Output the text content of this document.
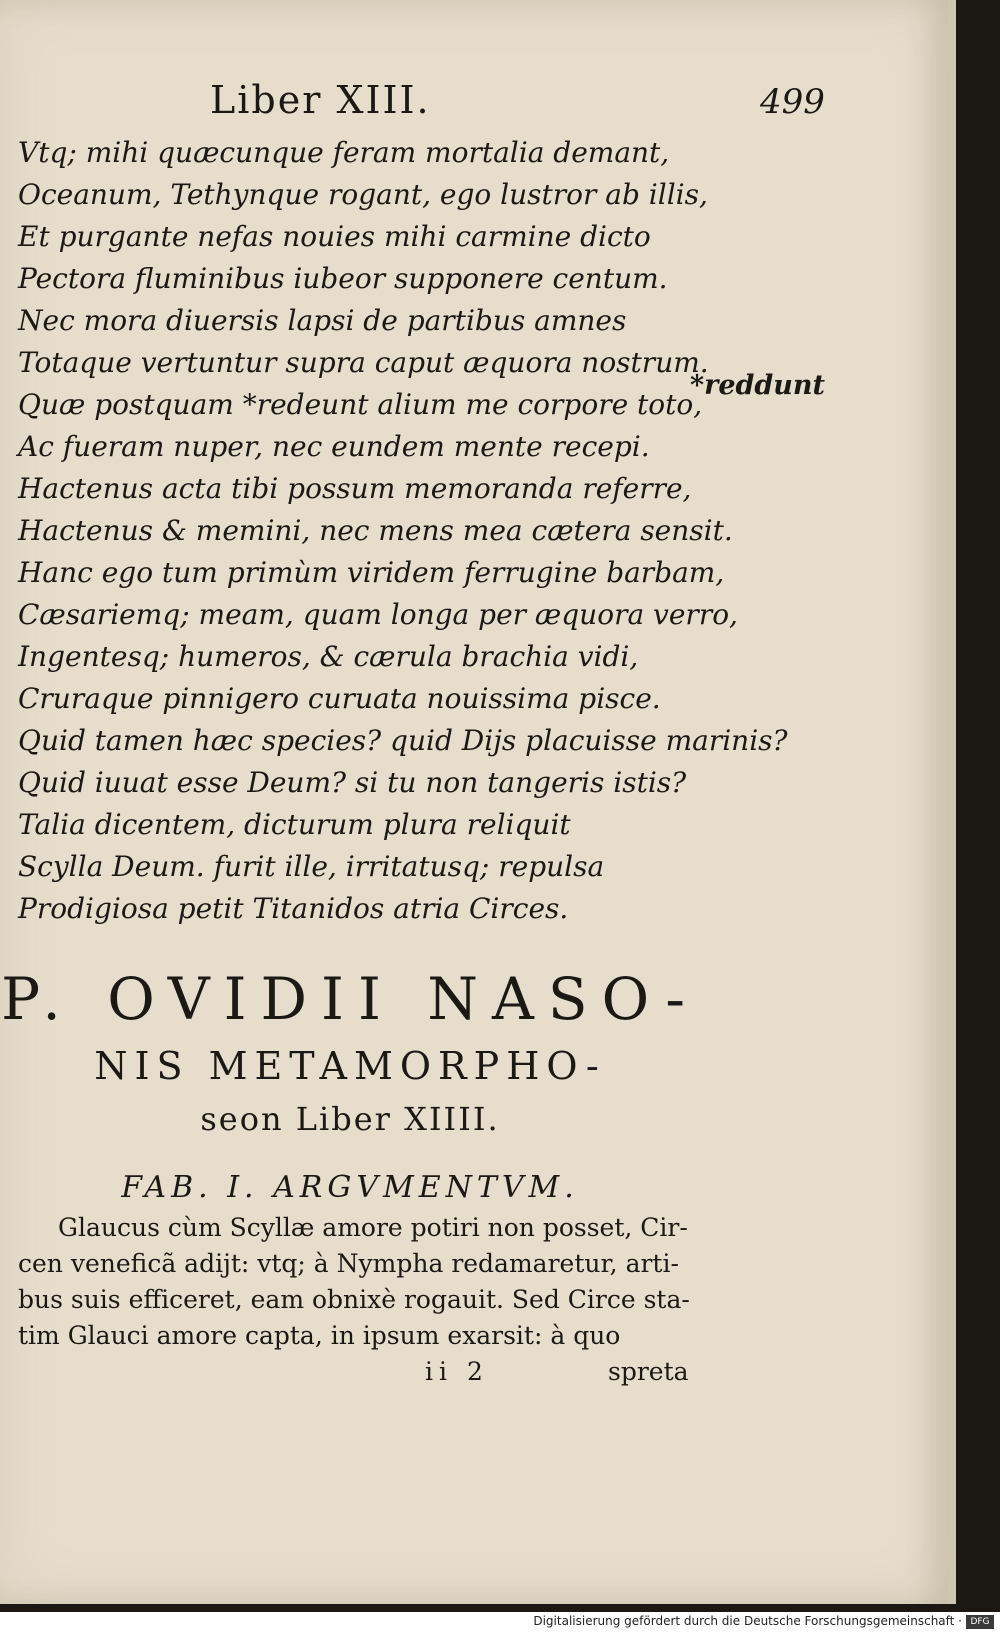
Liber XIII.	499
Vtq; mihi quæcunque feram mortalia demant,
Oceanum, Tethynque rogant, ego lustror ab illis,
Et purgante nefas nouies mihi carmine dicto
Pectora fluminibus iubeor supponere centum.
Nec mora diuersis lapsi de partibus amnes
Totaque vertuntur supra caput æquora nostrum.
Quæ postquam *redeunt alium me corpore toto,
Ac fueram nuper, nec eundem mente recepi.
Hactenus acta tibi possum memoranda referre,
Hactenus & memini, nec mens mea cætera sensit.
Hanc ego tum primùm viridem ferrugine barbam,
Cæsariemq; meam, quam longa per æquora verro,
Ingentesq; humeros, & cærula brachia vidi,
Cruraque pinnigero curuata nouissima pisce.
Quid tamen hæc species? quid Dijs placuisse marinis?
Quid iuuat esse Deum? si tu non tangeris istis?
Talia dicentem, dicturum plura reliquit
Scylla Deum. furit ille, irritatusq; repulsa
Prodigiosa petit Titanidos atria Circes.
*reddunt
P. OVIDII NASO-
NIS METAMORPHO-
seon Liber XIIII.
FAB. I. ARGVMENTVM.
Glaucus cùm Scyllæ amore potiri non posset, Cir-
cen veneficã adijt: vtq; à Nympha redamaretur, arti-
bus suis efficeret, eam obnixè rogauit. Sed Circe sta-
tim Glauci amore capta, in ipsum exarsit: à quo
ii 2	spreta
Digitalisierung gefördert durch die Deutsche Forschungsgemeinschaft · DFG
